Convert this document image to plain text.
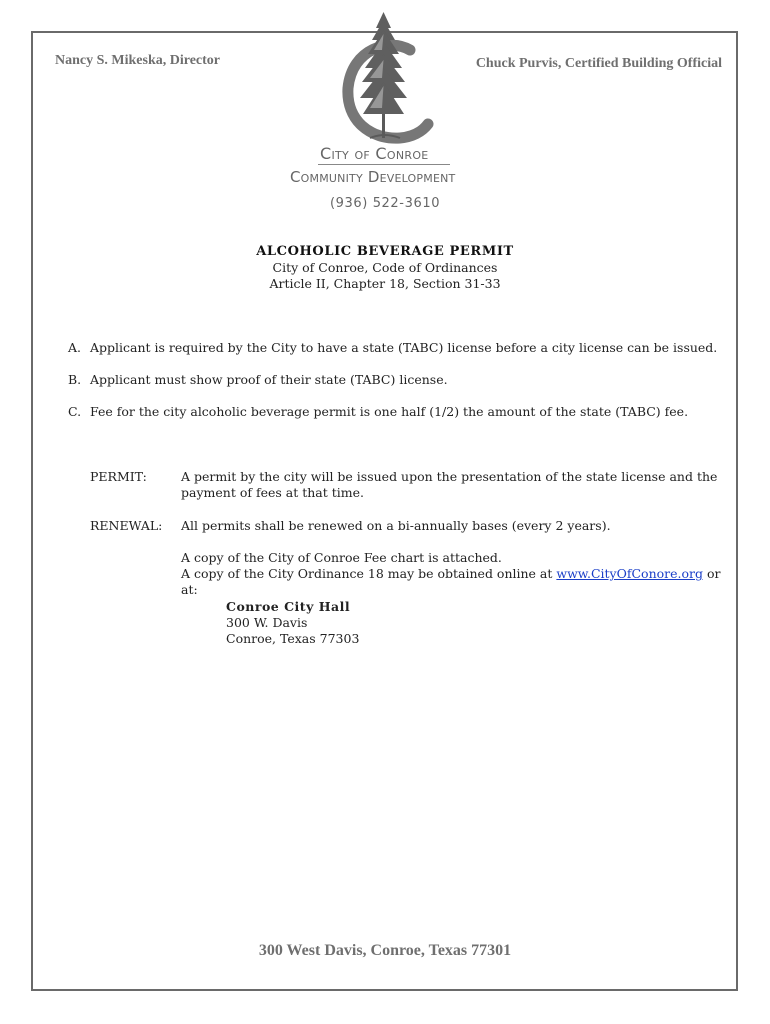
Nancy S. Mikeska, Director	Chuck Purvis, Certified Building Official
City of Conroe
Community Development
(936) 522-3610
ALCOHOLIC BEVERAGE PERMIT
City of Conroe, Code of Ordinances
Article II, Chapter 18, Section 31-33
A. Applicant is required by the City to have a state (TABC) license before a city license can be issued.
B. Applicant must show proof of their state (TABC) license.
C. Fee for the city alcoholic beverage permit is one half (1/2) the amount of the state (TABC) fee.
PERMIT:	A permit by the city will be issued upon the presentation of the state license and the
payment of fees at that time.
RENEWAL:	All permits shall be renewed on a bi-annually bases (every 2 years).
A copy of the City of Conroe Fee chart is attached.
A copy of the City Ordinance 18 may be obtained online at www.CityOfConore.org or at:
Conroe City Hall
300 W. Davis
Conroe, Texas 77303
300 West Davis, Conroe, Texas 77301
